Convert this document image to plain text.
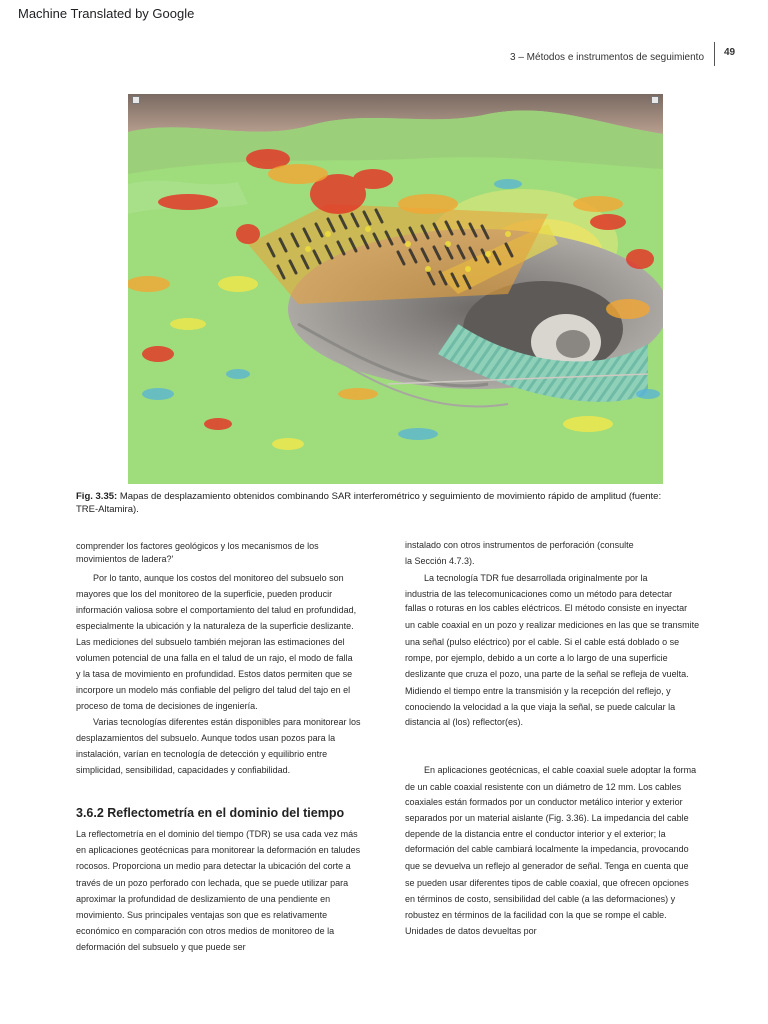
Machine Translated by Google
3 – Métodos e instrumentos de seguimiento 49
Fig. 3.35: Mapas de desplazamiento obtenidos combinando SAR interferométrico y seguimiento de movimiento rápido de amplitud (fuente:
TRE-Altamira).
comprender los factores geológicos y los mecanismos de los
movimientos de ladera?'
Por lo tanto, aunque los costos del monitoreo del subsuelo son
mayores que los del monitoreo de la superficie, pueden producir
información valiosa sobre el comportamiento del talud en profundidad,
especialmente la ubicación y la naturaleza de la superficie deslizante.
Las mediciones del subsuelo también mejoran las estimaciones del
volumen potencial de una falla en el talud de un rajo, el modo de falla
y la tasa de movimiento en profundidad. Estos datos permiten que se
incorpore un modelo más confiable del peligro del talud del tajo en el
proceso de toma de decisiones de ingeniería.
Varias tecnologías diferentes están disponibles para monitorear los
desplazamientos del subsuelo. Aunque todos usan pozos para la
instalación, varían en tecnología de detección y equilibrio entre
simplicidad, sensibilidad, capacidades y confiabilidad.
La reflectometría en el dominio del tiempo (TDR) se usa cada vez más
en aplicaciones geotécnicas para monitorear la deformación en taludes
rocosos. Proporciona un medio para detectar la ubicación del corte a
través de un pozo perforado con lechada, que se puede utilizar para
aproximar la profundidad de deslizamiento de una pendiente en
movimiento. Sus principales ventajas son que es relativamente
económico en comparación con otros medios de monitoreo de la
deformación del subsuelo y que puede ser
3.6.2 Reflectometría en el dominio del tiempo
instalado con otros instrumentos de perforación (consulte
la Sección 4.7.3).
La tecnología TDR fue desarrollada originalmente por la
industria de las telecomunicaciones como un método para detectar
fallas o roturas en los cables eléctricos. El método consiste en inyectar
un cable coaxial en un pozo y realizar mediciones en las que se transmite
una señal (pulso eléctrico) por el cable. Si el cable está doblado o se
rompe, por ejemplo, debido a un corte a lo largo de una superficie
deslizante que cruza el pozo, una parte de la señal se refleja de vuelta.
Midiendo el tiempo entre la transmisión y la recepción del reflejo, y
conociendo la velocidad a la que viaja la señal, se puede calcular la
distancia al (los) reflector(es).
En aplicaciones geotécnicas, el cable coaxial suele adoptar la forma
de un cable coaxial resistente con un diámetro de 12 mm. Los cables
coaxiales están formados por un conductor metálico interior y exterior
separados por un material aislante (Fig. 3.36). La impedancia del cable
depende de la distancia entre el conductor interior y el exterior; la
deformación del cable cambiará localmente la impedancia, provocando
que se devuelva un reflejo al generador de señal. Tenga en cuenta que
se pueden usar diferentes tipos de cable coaxial, que ofrecen opciones
en términos de costo, sensibilidad del cable (a las deformaciones) y
robustez en términos de la facilidad con la que se rompe el cable.
Unidades de datos devueltas por
